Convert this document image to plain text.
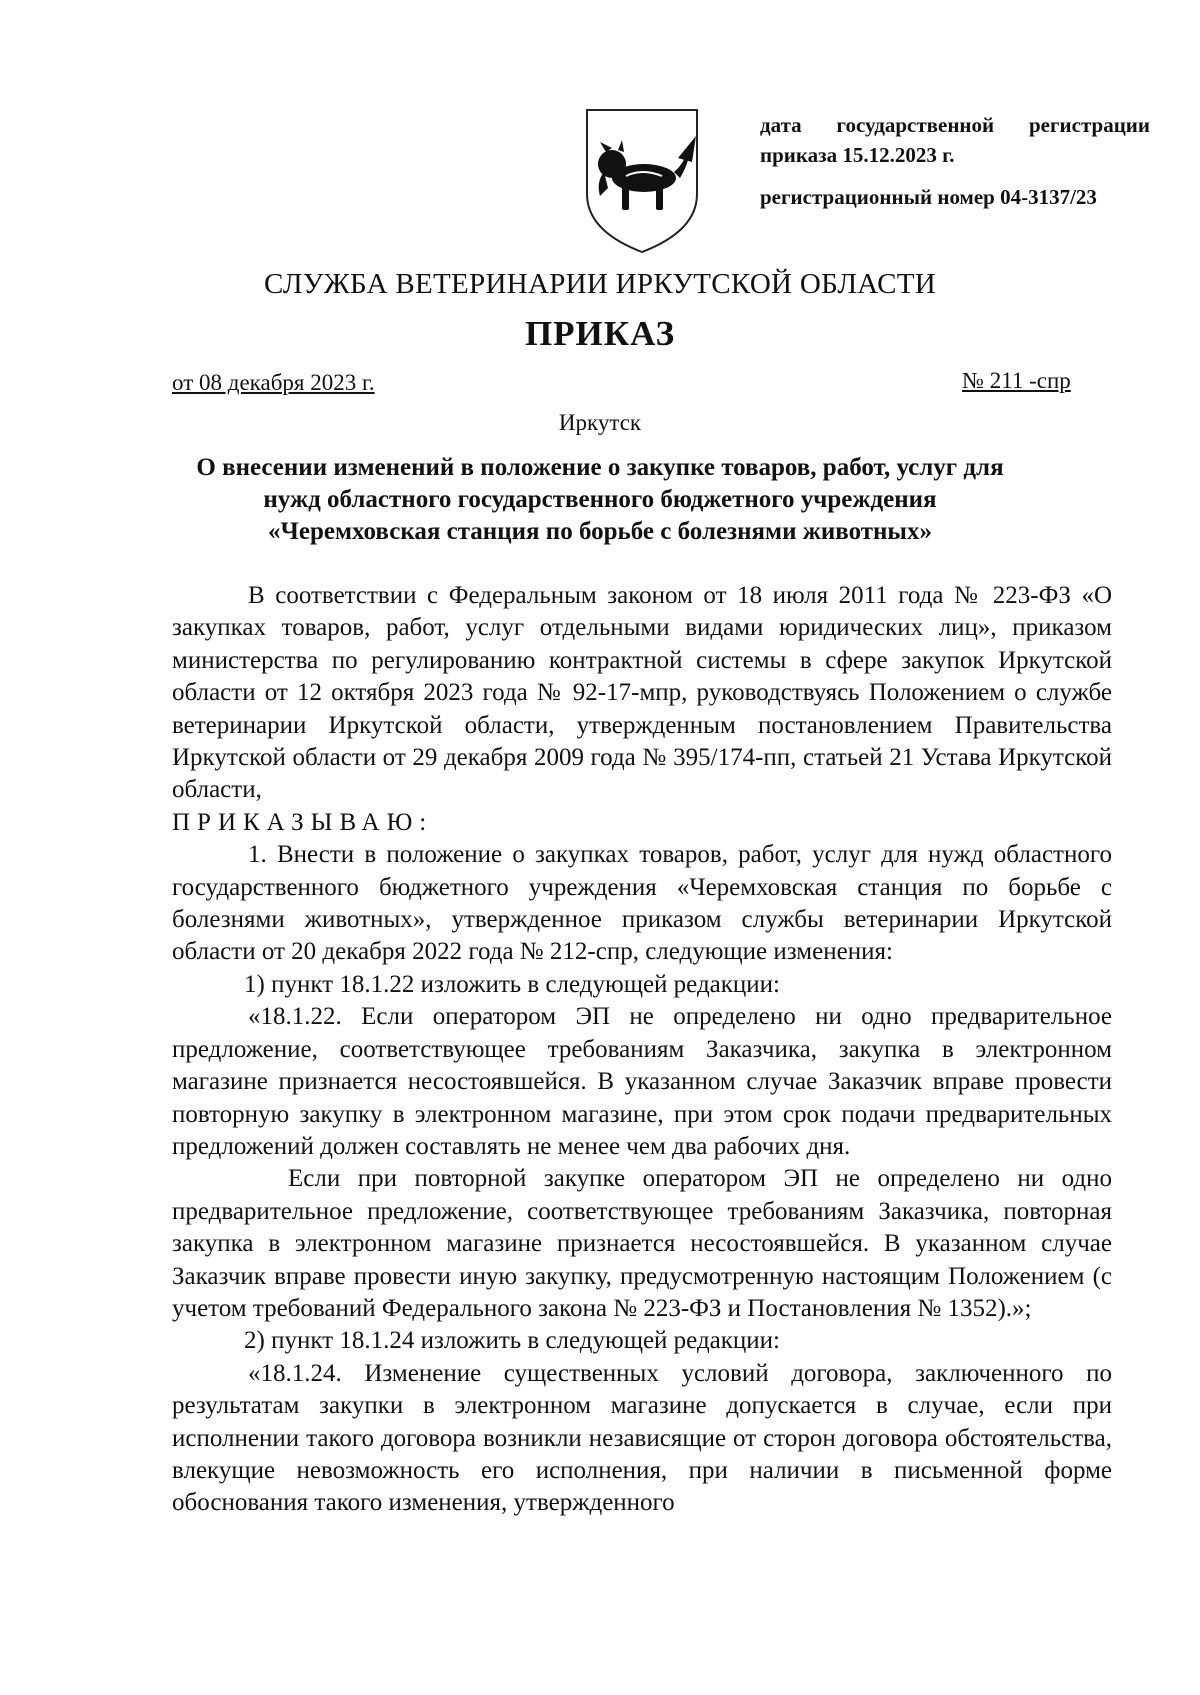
дата государственной регистрации
приказа 15.12.2023 г.
регистрационный номер 04-3137/23
СЛУЖБА ВЕТЕРИНАРИИ ИРКУТСКОЙ ОБЛАСТИ
ПРИКАЗ
от 08 декабря 2023 г.	№ 211 -спр
Иркутск
О внесении изменений в положение о закупке товаров, работ, услуг для
нужд областного государственного бюджетного учреждения
«Черемховская станция по борьбе с болезнями животных»

В соответствии с Федеральным законом от 18 июля 2011 года № 223-ФЗ «О закупках товаров, работ, услуг отдельными видами юридических лиц», приказом министерства по регулированию контрактной системы в сфере закупок Иркутской области от 12 октября 2023 года № 92-17-мпр, руководствуясь Положением о службе ветеринарии Иркутской области, утвержденным постановлением Правительства Иркутской области от 29 декабря 2009 года № 395/174-пп, статьей 21 Устава Иркутской области,

ПРИКАЗЫВАЮ:

1. Внести в положение о закупках товаров, работ, услуг для нужд областного государственного бюджетного учреждения «Черемховская станция по борьбе с болезнями животных», утвержденное приказом службы ветеринарии Иркутской области от 20 декабря 2022 года № 212-спр, следующие изменения:

1) пункт 18.1.22 изложить в следующей редакции:

«18.1.22. Если оператором ЭП не определено ни одно предварительное предложение, соответствующее требованиям Заказчика, закупка в электронном магазине признается несостоявшейся. В указанном случае Заказчик вправе провести повторную закупку в электронном магазине, при этом срок подачи предварительных предложений должен составлять не менее чем два рабочих дня.

Если при повторной закупке оператором ЭП не определено ни одно предварительное предложение, соответствующее требованиям Заказчика, повторная закупка в электронном магазине признается несостоявшейся. В указанном случае Заказчик вправе провести иную закупку, предусмотренную настоящим Положением (с учетом требований Федерального закона № 223-ФЗ и Постановления № 1352).»;

2) пункт 18.1.24 изложить в следующей редакции:

«18.1.24. Изменение существенных условий договора, заключенного по результатам закупки в электронном магазине допускается в случае, если при исполнении такого договора возникли независящие от сторон договора обстоятельства, влекущие невозможность его исполнения, при наличии в письменной форме обоснования такого изменения, утвержденного
